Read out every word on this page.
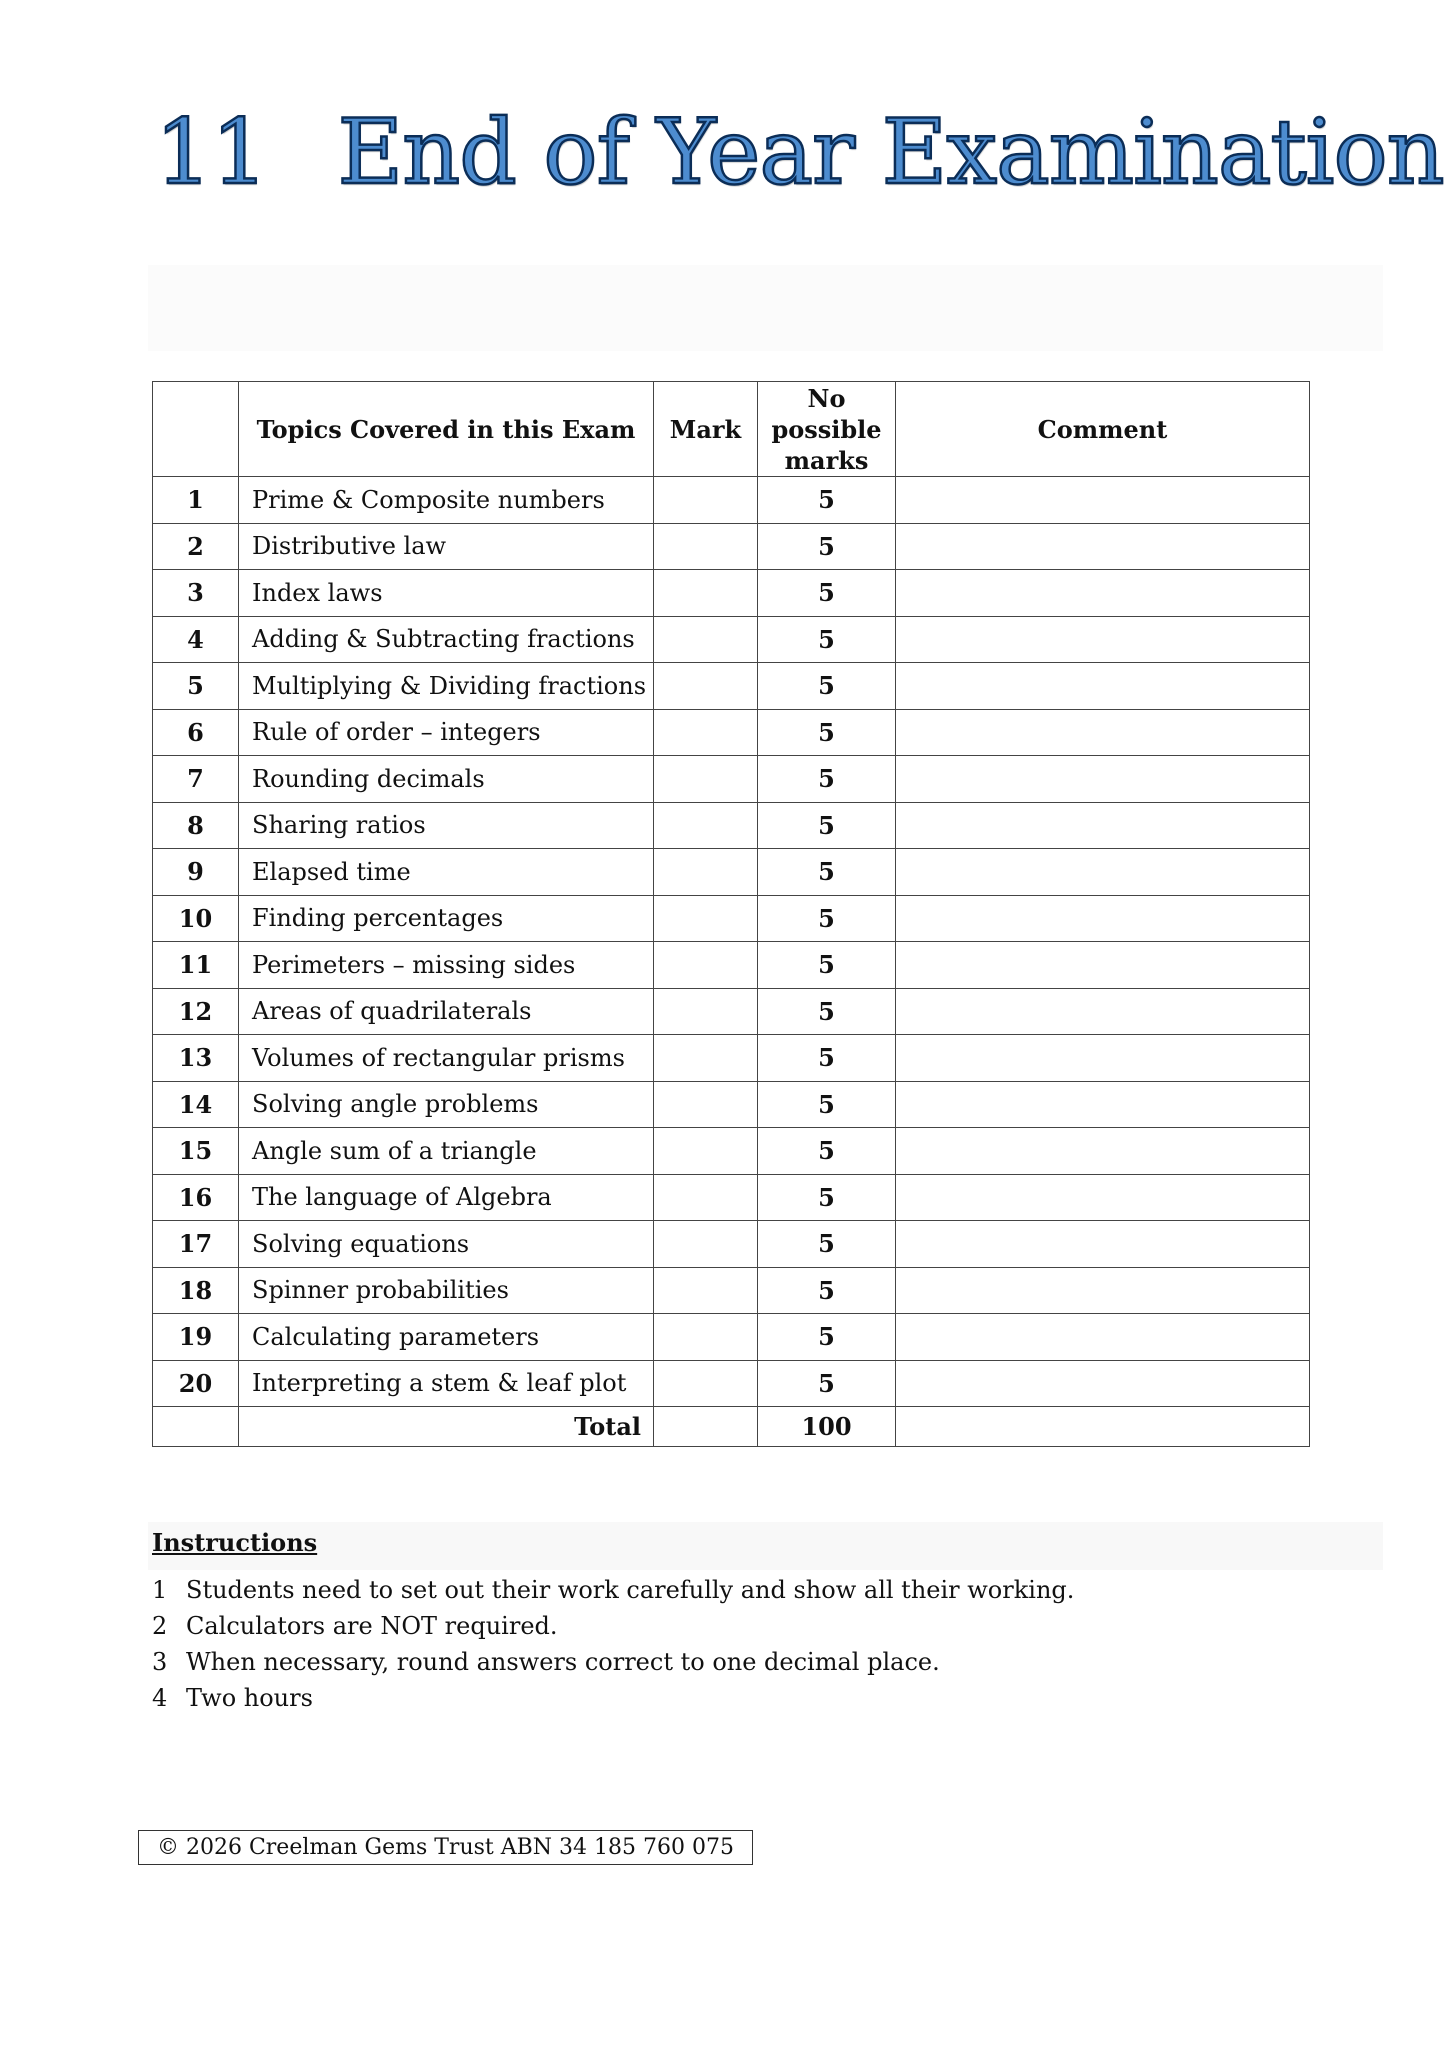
11 End of Year Examination
	Topics Covered in this Exam	Mark	No possible marks	Comment
1	Prime & Composite numbers		5	
2	Distributive law		5	
3	Index laws		5	
4	Adding & Subtracting fractions		5	
5	Multiplying & Dividing fractions		5	
6	Rule of order – integers		5	
7	Rounding decimals		5	
8	Sharing ratios		5	
9	Elapsed time		5	
10	Finding percentages		5	
11	Perimeters – missing sides		5	
12	Areas of quadrilaterals		5	
13	Volumes of rectangular prisms		5	
14	Solving angle problems		5	
15	Angle sum of a triangle		5	
16	The language of Algebra		5	
17	Solving equations		5	
18	Spinner probabilities		5	
19	Calculating parameters		5	
20	Interpreting a stem & leaf plot		5	
	Total		100	
Instructions
1 Students need to set out their work carefully and show all their working.
2 Calculators are NOT required.
3 When necessary, round answers correct to one decimal place.
4 Two hours
© 2026 Creelman Gems Trust ABN 34 185 760 075
